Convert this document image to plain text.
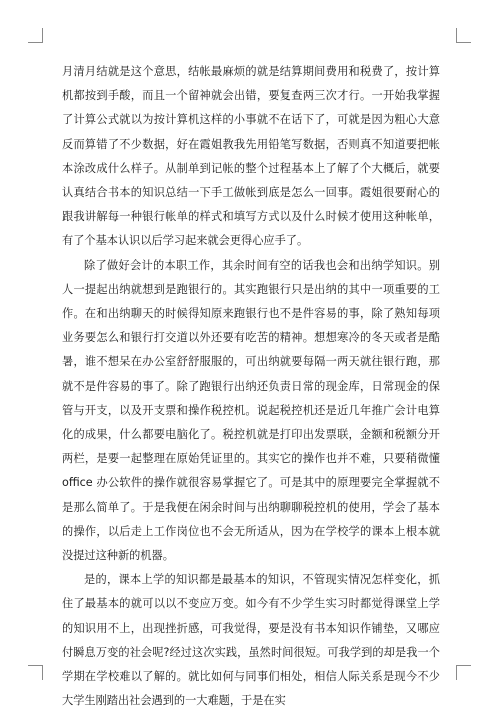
月清月结就是这个意思，结帐最麻烦的就是结算期间费用和税费了，按计算机都按到手酸，而且一个留神就会出错，要复查两三次才行。一开始我掌握了计算公式就以为按计算机这样的小事就不在话下了，可就是因为粗心大意反而算错了不少数据，好在霞姐教我先用铅笔写数据，否则真不知道要把帐本涂改成什么样子。从制单到记帐的整个过程基本上了解了个大概后，就要认真结合书本的知识总结一下手工做帐到底是怎么一回事。霞姐很要耐心的跟我讲解每一种银行帐单的样式和填写方式以及什么时候才使用这种帐单，有了个基本认识以后学习起来就会更得心应手了。

除了做好会计的本职工作，其余时间有空的话我也会和出纳学知识。别人一提起出纳就想到是跑银行的。其实跑银行只是出纳的其中一项重要的工作。在和出纳聊天的时候得知原来跑银行也不是件容易的事，除了熟知每项业务要怎么和银行打交道以外还要有吃苦的精神。想想寒冷的冬天或者是酷暑，谁不想呆在办公室舒舒服服的，可出纳就要每隔一两天就往银行跑，那就不是件容易的事了。除了跑银行出纳还负责日常的现金库，日常现金的保管与开支，以及开支票和操作税控机。说起税控机还是近几年推广会计电算化的成果，什么都要电脑化了。税控机就是打印出发票联，金额和税额分开两栏，是要一起整理在原始凭证里的。其实它的操作也并不难，只要稍微懂 office 办公软件的操作就很容易掌握它了。可是其中的原理要完全掌握就不是那么简单了。于是我便在闲余时间与出纳聊聊税控机的使用，学会了基本的操作，以后走上工作岗位也不会无所适从，因为在学校学的课本上根本就没提过这种新的机器。

是的，课本上学的知识都是最基本的知识，不管现实情况怎样变化，抓住了最基本的就可以以不变应万变。如今有不少学生实习时都觉得课堂上学的知识用不上，出现挫折感，可我觉得，要是没有书本知识作铺垫，又哪应付瞬息万变的社会呢?经过这次实践，虽然时间很短。可我学到的却是我一个学期在学校难以了解的。就比如何与同事们相处，相信人际关系是现今不少大学生刚踏出社会遇到的一大难题，于是在实
